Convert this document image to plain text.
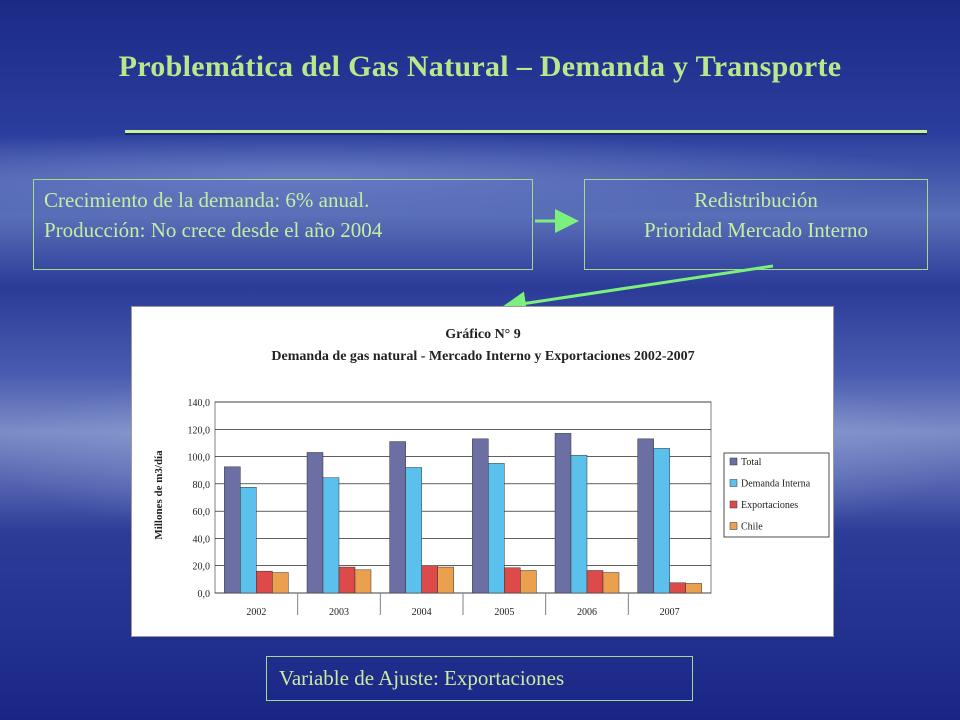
Problemática del Gas Natural – Demanda y Transporte
Crecimiento de la demanda: 6% anual.
Producción: No crece desde el año 2004
Redistribución
Prioridad Mercado Interno
Gráfico N° 9
Demanda de gas natural - Mercado Interno y Exportaciones 2002-2007
Millones de m3/día
0,0
20,0
40,0
60,0
80,0
100,0
120,0
140,0
2002	2003	2004	2005	2006	2007
Total
Demanda Interna
Exportaciones
Chile
Variable de Ajuste: Exportaciones
